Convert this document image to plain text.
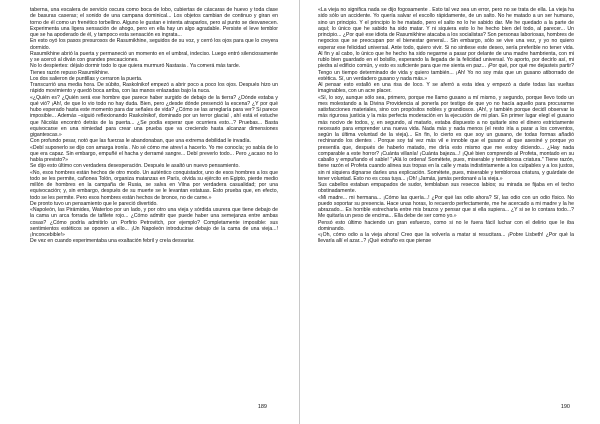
taberna, una escalera de servicio oscura como boca de lobo, cubiertas de cáscaras de huevo y toda clase de basuras caseras; el sonido de una campana dominical... Los objetos cambian de continuo y giran en torno de él como un frenético torbellino. Alguno le gustan e intenta atraparlos, pero al punto se desvanecen. Experimenta una ligera sensación de ahogo, pero en ella hay un algo agradable. Persiste el leve temblor que se ha apoderado de él, y tampoco esta sensación es ingrata...

En esto oyó los pasos presurosos de Rasumikhine, seguidos de su voz, y cerró los ojos para que lo creyera dormido.

Rasumikhine abrió la puerta y permaneció un momento en el umbral, indeciso. Luego entró silenciosamente y se acercó al diván con grandes precauciones.

No lo despiertes: déjalo dormir todo lo que quiera murmuró Nastasia . Ya comerá más tarde.

Tienes razón repuso Rasumikhine.

Los dos salieron de puntillas y cerraron la puerta.

Transcurrió una media hora. De súbito, Raskolnikof empezó a abrir poco a poco los ojos. Después hizo un rápido movimiento y quedó boca arriba, con las manos enlazadas bajo la nuca.

«¿Quién es? ¿Quién será ese hombre que parece haber surgido de debajo de la tierra? ¿Dónde estaba y qué vió? ¡Ah!, de que lo vio todo no hay duda. Bien, pero ¿desde dónde presenció la escena? ¿Y por qué hubo esperado hasta este momento para dar señales de vida? ¿Cómo se las arreglaría para ver? Si parece imposible... Además –siguió reflexionando Raskolnikof, dominado por un terror glacial , ahí está el estuche que Nicolás encontró detrás de la puerta... ¿Se podía esperar que ocurriera esto...? Pruebas... Basta equivocarse en una nimiedad para crear una prueba que va creciendo hasta alcanzar dimensiones gigantescas.»

Con profundo pesar, notó que las fuerzas le abandonaban, que una extrema debilidad le invadía.

«Debí suponerlo se dijo con amarga ironía . No sé cómo me atreví a hacerlo. Yo me conocía; yo sabía de lo que era capaz. Sin embargo, empuñé el hacha y derramé sangre... Debí preverlo todo... Pero ¿acaso no lo había previsto?»

Se dijo esto último con verdadera desesperación. Después le asaltó un nuevo pensamiento.

«No, esos hombres están hechos de otro modo. Un auténtico conquistador, uno de esos hombres a los que todo se les permite, cañonea Tolón, organiza matanzas en París, olvida su ejército en Egipto, pierde medio millón de hombres en la campaña de Rusia, se salva en Vilna por verdadera casualidad; por una equivocación; y, sin embargo, después de su muerte se le levantan estatuas. Esto prueba que, en efecto, todo se les permite. Pero esos hombres están hechos de bronce, no de carne.»

De pronto tuvo un pensamiento que le pareció divertido.

«Napoleón, las Pirámides, Waterloo por un lado, y por otro una vieja y sórdida usurera que tiene debajo de la cama un arca forrada de tafilete rojo... ¿Cómo admitir que puede haber una semejanza entre ambas cosas? ¿Cómo podría admitirlo un Porfirio Petrovitch, por ejemplo? Completamente imposible: sus sentimientos estéticos se oponen a ello... ¡Un Napoleón introducirse debajo de la cama de una vieja...! ¡Inconcebible!»

De vez en cuando experimentaba una exaltación febril y creía desvariar.

189

«La vieja no significa nada se dijo fogosamente . Esto tal vez sea un error, pero no se trata de ella. La vieja ha sido sólo un accidente. Yo quería salvar el escollo rápidamente, de un salto. No he matado a un ser humano, sino un principio. Y el principio lo he matado, pero el salto no lo he sabido dar. Me he quedado a la parte de aquí; lo único que he sabido ha sido matar. Y ni siquiera esto lo he hecho bien del todo, al parecer... Un principio... ¿Por qué ese idiota de Rasumikhine atacaba a los socialistas? Son personas laboriosas, hombres de negocios que se preocupan por el bienestar general... Sin embargo, sólo se vive una vez, y yo no quiero esperar ese felicidad universal. Ante todo, quiero vivir. Si no sintiese este deseo, sería preferible no tener vida. Al fin y al cabo, lo único que he hecho ha sido negarme a pasar por delante de una madre hambrienta, con mi rublo bien guardado en el bolsillo, esperando la llegada de la felicidad universal. Yo aporto, por decirlo así, mi piedra al edificio común, y esto es suficiente para que me sienta en paz... ¡Por qué, por qué me dejasteis partir? Tengo un tiempo determinado de vida y quiero también... ¡Ah! Yo no soy más que un gusano atiborrado de estética. Sí, un verdadero gusano y nada más.»

Al pensar esto estalló en una risa de loco. Y se aferró a esta idea y empezó a darle todas las vueltas imaginables, con un acre placer.

«Sí, lo soy, aunque sólo sea, primero, porque me llamo gusano a mí mismo, y segundo, porque llevo todo un mes molestando a la Divina Providencia al ponerla por testigo de que yo no hacía aquello para procurarme satisfacciones materiales, sino con propósitos nobles y grandiosos. ¡Ah!, y también porque decidí observar la más rigurosa justicia y la más perfecta moderación en la ejecución de mi plan. En primer lugar elegí el gusano más nocivo de todos, y, en segundo, al matarlo, estaba dispuesto a no quitarle sino el dinero estrictamente necesario para emprender una nueva vida. Nada más y nada menos (el resto iría a parar a los conventos, según la última voluntad de la vieja)... En fin, lo cierto es que soy un gusano, de todas formas añadió rechinando los dientes . Porque soy tal vez más vil e innoble que el gusano al que asesiné y porque yo presentía que, después de haberlo matado, me diría esto mismo que me estoy diciendo... ¿Hay nada comparable a este horror? ¡Cuánta villanía! ¡Cuánta bajeza...! ¡Qué bien comprendo al Profeta, montado en su caballo y empuñando el sable! "¡Alá lo ordena! Sométete, pues, miserable y temblorosa criatura." Tiene razón, tiene razón el Profeta cuando alinea sus tropas en la calle y mata indistintamente a los culpables y a los justos, sin ni siquiera dignarse darles una explicación. Sométete, pues, miserable y temblorosa criatura, y guárdate de tener voluntad. Esto no es cosa tuya... ¡Oh! ¡Jamás, jamás perdonaré a la vieja.»

Sus cabellos estaban empapados de sudor, temblaban sus resecos labios; su mirada se fijaba en el techo obstinadamente.

«Mi madre... mi hermana... ¡Cómo las quería...! ¿Por qué las odio ahora? Sí, las odio con un odio físico. No puedo soportar su presencia. Hace unas horas, lo recuerdo perfectamente, me he acercado a mi madre y la he abrazado... Es horrible estrecharla entre mis brazos y pensar que si ella supiera... ¿Y si se lo contara todo...? Me quitaría un peso de encima... Ella debe de ser como yo.»

Pensó esto último haciendo un gran esfuerzo, como si no le fuera fácil luchar con el delirio que le iba dominando.

«¡Oh, cómo odio a la vieja ahora! Creo que la volvería a matar si resucitara... ¡Pobre Lisbeth! ¿Por qué la llevaría allí el azar...? ¡Qué extraño es que piense

190
